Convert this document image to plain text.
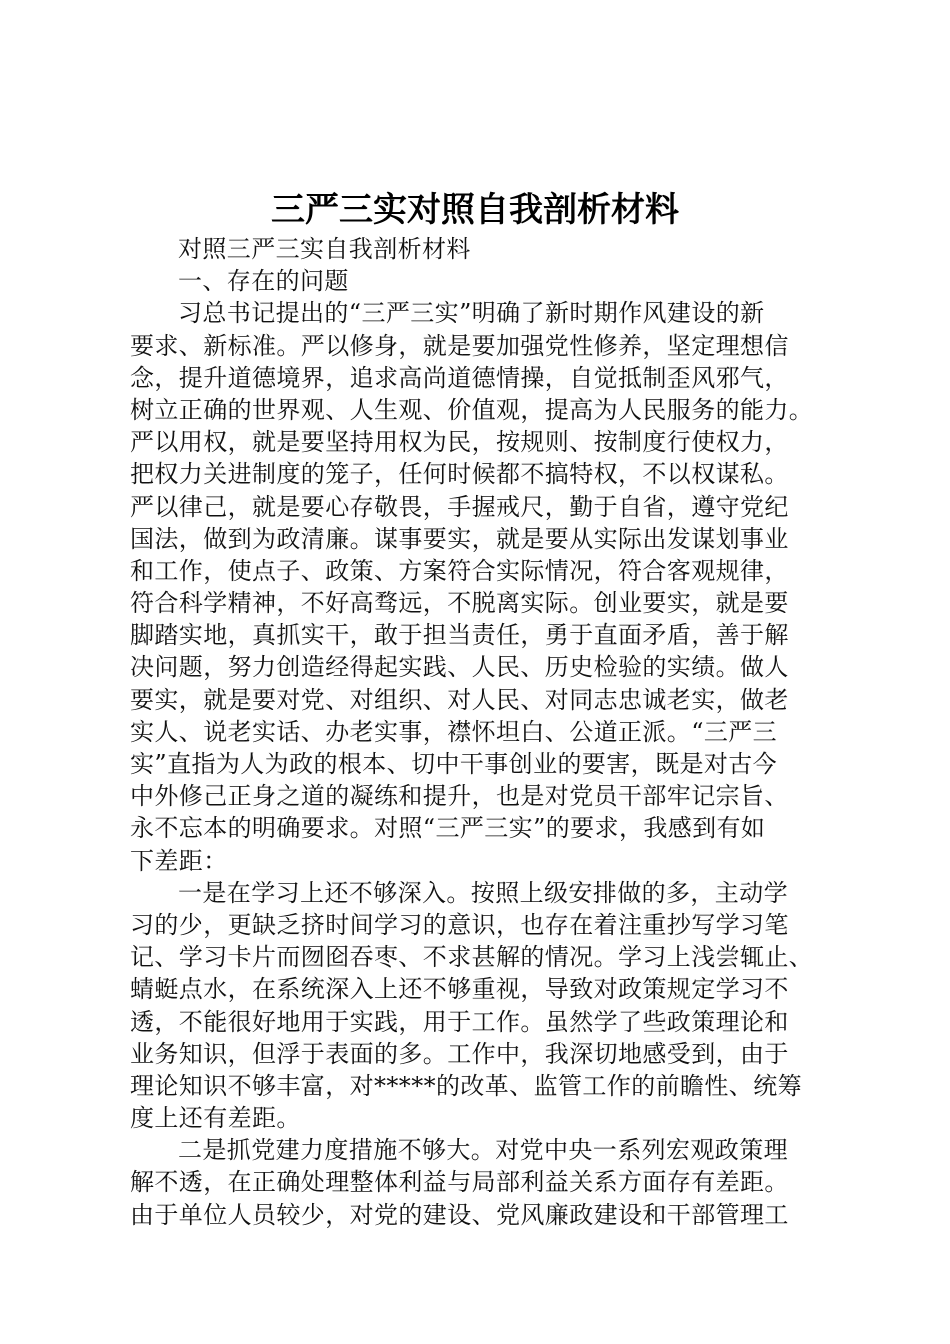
三严三实对照自我剖析材料
对照三严三实自我剖析材料
一、存在的问题
习总书记提出的“三严三实”明确了新时期作风建设的新
要求、新标准。严以修身，就是要加强党性修养，坚定理想信
念，提升道德境界，追求高尚道德情操，自觉抵制歪风邪气，
树立正确的世界观、人生观、价值观，提高为人民服务的能力。
严以用权，就是要坚持用权为民，按规则、按制度行使权力，
把权力关进制度的笼子，任何时候都不搞特权，不以权谋私。
严以律己，就是要心存敬畏，手握戒尺，勤于自省，遵守党纪
国法，做到为政清廉。谋事要实，就是要从实际出发谋划事业
和工作，使点子、政策、方案符合实际情况，符合客观规律，
符合科学精神，不好高骛远，不脱离实际。创业要实，就是要
脚踏实地，真抓实干，敢于担当责任，勇于直面矛盾，善于解
决问题，努力创造经得起实践、人民、历史检验的实绩。做人
要实，就是要对党、对组织、对人民、对同志忠诚老实，做老
实人、说老实话、办老实事，襟怀坦白、公道正派。“三严三
实”直指为人为政的根本、切中干事创业的要害，既是对古今
中外修己正身之道的凝练和提升，也是对党员干部牢记宗旨、
永不忘本的明确要求。对照“三严三实”的要求，我感到有如
下差距：
一是在学习上还不够深入。按照上级安排做的多，主动学
习的少，更缺乏挤时间学习的意识，也存在着注重抄写学习笔
记、学习卡片而囫囵吞枣、不求甚解的情况。学习上浅尝辄止、
蜻蜓点水，在系统深入上还不够重视，导致对政策规定学习不
透，不能很好地用于实践，用于工作。虽然学了些政策理论和
业务知识，但浮于表面的多。工作中，我深切地感受到，由于
理论知识不够丰富，对*****的改革、监管工作的前瞻性、统筹
度上还有差距。
二是抓党建力度措施不够大。对党中央一系列宏观政策理
解不透，在正确处理整体利益与局部利益关系方面存有差距。
由于单位人员较少，对党的建设、党风廉政建设和干部管理工
